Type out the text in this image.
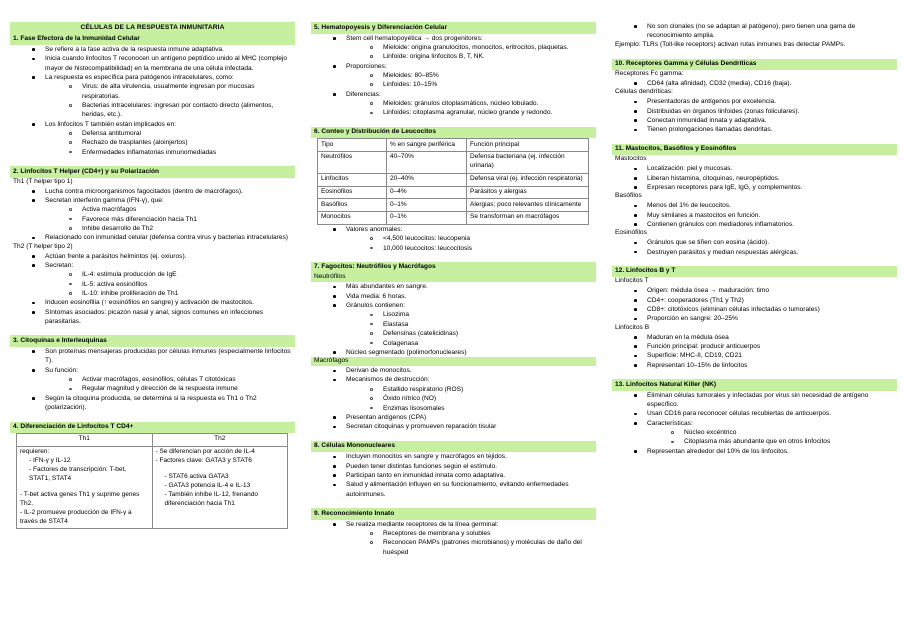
CÉLULAS DE LA RESPUESTA INMUNITARIA
1. Fase Efectora de la Inmunidad Celular
Se refiere a la fase activa de la respuesta inmune adaptativa.
Inicia cuando linfocitos T reconocen un antígeno peptídico unido al MHC (complejo mayor de histocompatibilidad) en la membrana de una célula infectada.
La respuesta es específica para patógenos intracelulares, como:
Virus: de alta virulencia, usualmente ingresan por mucosas respiratorias.
Bacterias intracelulares: ingresan por contacto directo (alimentos, heridas, etc.).
Los linfocitos T también están implicados en:
Defensa antitumoral
Rechazo de trasplantes (aloinjertos)
Enfermedades inflamatorias inmunomediadas
2. Linfocitos T Helper (CD4+) y su Polarización
Th1 (T helper tipo 1)
Lucha contra microorganismos fagocitados (dentro de macrófagos).
Secretan interferón gamma (IFN-γ), que:
Activa macrófagos
Favorece más diferenciación hacia Th1
Inhibe desarrollo de Th2
Relacionado con inmunidad celular (defensa contra virus y bacterias intracelulares)
Th2 (T helper tipo 2)
Actúan frente a parásitos helmintos (ej. oxiuros).
Secretan:
IL-4: estimula producción de IgE
IL-5: activa eosinófilos
IL-10: inhibe proliferación de Th1
Inducen eosinofilia (↑ eosinófilos en sangre) y activación de mastocitos.
Síntomas asociados: picazón nasal y anal, signos comunes en infecciones parasitarias.
3. Citoquinas e Interleuquinas
Son proteínas mensajeras producidas por células inmunes (especialmente linfocitos T).
Su función:
Activar macrófagos, eosinófilos, células T citotóxicas
Regular magnitud y dirección de la respuesta inmune
Según la citoquina producida, se determina si la respuesta es Th1 o Th2 (polarización).
4. Diferenciación de Linfocitos T CD4+
Th1	Th2

requieren:
- IFN-γ y IL-12
- Factores de transcripción: T-bet, STAT1, STAT4
- T-bet activa genes Th1 y suprime genes Th2.
- IL-2 promueve producción de IFN-γ a través de STAT4	- Se diferencian por acción de IL-4
- Factores clave: GATA3 y STAT6
- STAT6 activa GATA3
- GATA3 potencia IL-4 e IL-13
- También inhibe IL-12, frenando diferenciación hacia Th1
5. Hematopoyesis y Diferenciación Celular
Stem cell hematopoyética → dos progenitores:
Mieloide: origina granulocitos, monocitos, eritrocitos, plaquetas.
Linfoide: origina linfocitos B, T, NK.
Proporciones:
Mieloides: 80–85%
Linfoides: 10–15%
Diferencias:
Mieloides: gránulos citoplasmáticos, núcleo lobulado.
Linfoides: citoplasma agranular, núcleo grande y redondo.
6. Conteo y Distribución de Leucocitos
Tipo	% en sangre periférica	Función principal
Neutrófilos	40–70%	Defensa bacteriana (ej. infección urinaria)
Linfocitos	20–40%	Defensa viral (ej. infección respiratoria)
Eosinófilos	0–4%	Parásitos y alergias
Basófilos	0–1%	Alergias; poco relevantes clínicamente
Monocitos	0–1%	Se transforman en macrófagos
Valores anormales:
<4,500 leucocitos: leucopenia
10,000 leucocitos: leucocitosis
7. Fagocitos: Neutrófilos y Macrófagos
Neutrófilos
Más abundantes en sangre.
Vida media: 6 horas.
Gránulos contienen:
Lisozima
Elastasa
Defensinas (catelicidinas)
Colagenasa
Núcleo segmentado (polimorfonucleares)
Macrófagos
Derivan de monocitos.
Mecanismos de destrucción:
Estallido respiratorio (ROS)
Óxido nítrico (NO)
Enzimas lisosomales
Presentan antígenos (CPA)
Secretan citoquinas y promueven reparación tisular
8. Células Mononucleares
Incluyen monocitos en sangre y macrófagos en tejidos.
Pueden tener distintas funciones según el estímulo.
Participan tanto en inmunidad innata como adaptativa.
Salud y alimentación influyen en su funcionamiento, evitando enfermedades autoinmunes.
9. Reconocimiento Innato
Se realiza mediante receptores de la línea germinal:
Receptores de membrana y solubles
Reconocen PAMPs (patrones microbianos) y moléculas de daño del huésped
No son clonales (no se adaptan al patógeno), pero tienen una gama de reconocimiento amplia.
Ejemplo: TLRs (Toll-like receptors) activan rutas inmunes tras detectar PAMPs.
10. Receptores Gamma y Células Dendríticas
Receptores Fc gamma:
CD64 (alta afinidad), CD32 (media), CD16 (baja).
Células dendríticas:
Presentadoras de antígenos por excelencia.
Distribuidas en órganos linfoides (zonas foliculares).
Conectan inmunidad innata y adaptativa.
Tienen prolongaciones llamadas dendritas.
11. Mastocitos, Basófilos y Eosinófilos
Mastocitos
Localización: piel y mucosas.
Liberan histamina, citoquinas, neuropéptidos.
Expresan receptores para IgE, IgG, y complementos.
Basófilos
Menos del 1% de leucocitos.
Muy similares a mastocitos en función.
Contienen gránulos con mediadores inflamatorios.
Eosinófilos
Gránulos que se tiñen con eosina (ácido).
Destruyen parásitos y median respuestas alérgicas.
12. Linfocitos B y T
Linfocitos T
Origen: médula ósea → maduración: timo
CD4+: cooperadores (Th1 y Th2)
CD8+: citotóxicos (eliminan células infectadas o tumorales)
Proporción en sangre: 20–25%
Linfocitos B
Maduran en la médula ósea
Función principal: producir anticuerpos
Superficie: MHC-II, CD19, CD21
Representan 10–15% de linfocitos
13. Linfocitos Natural Killer (NK)
Eliminan células tumorales y infectadas por virus sin necesidad de antígeno específico.
Usan CD16 para reconocer células recubiertas de anticuerpos.
Características:
Núcleo excéntrico
Citoplasma más abundante que en otros linfocitos
Representan alrededor del 10% de los linfocitos.
